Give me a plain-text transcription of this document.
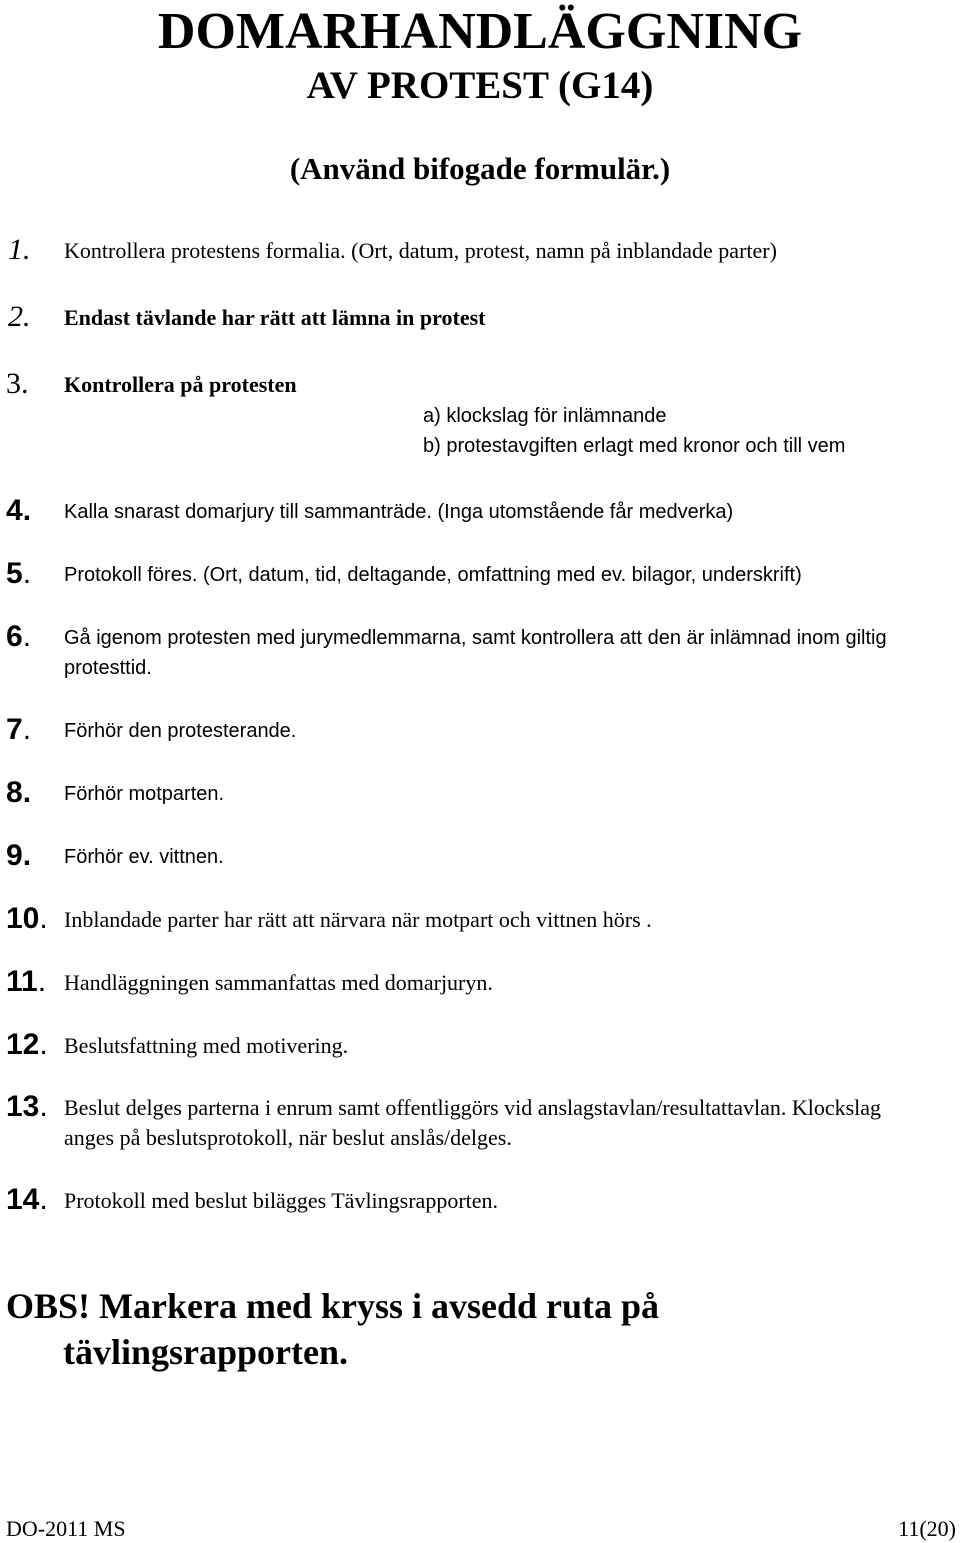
DOMARHANDLÄGGNING
AV PROTEST (G14)
(Använd bifogade formulär.)
1. Kontrollera protestens formalia. (Ort, datum, protest, namn på inblandade parter)
2. Endast tävlande har rätt att lämna in protest
3. Kontrollera på protesten
a) klockslag för inlämnande
b) protestavgiften erlagt med kronor och till vem
4. Kalla snarast domarjury till sammanträde. (Inga utomstående får medverka)
5. Protokoll föres. (Ort, datum, tid, deltagande, omfattning med ev. bilagor, underskrift)
6. Gå igenom protesten med jurymedlemmarna, samt kontrollera att den är inlämnad inom giltig protesttid.
7. Förhör den protesterande.
8. Förhör motparten.
9. Förhör ev. vittnen.
10. Inblandade parter har rätt att närvara när motpart och vittnen hörs .
11. Handläggningen sammanfattas med domarjuryn.
12. Beslutsfattning med motivering.
13. Beslut delges parterna i enrum samt offentliggörs vid anslagstavlan/resultattavlan. Klockslag anges på beslutsprotokoll, när beslut anslås/delges.
14. Protokoll med beslut bilägges Tävlingsrapporten.
OBS! Markera med kryss i avsedd ruta på
tävlingsrapporten.
DO-2011 MS	11(20)
